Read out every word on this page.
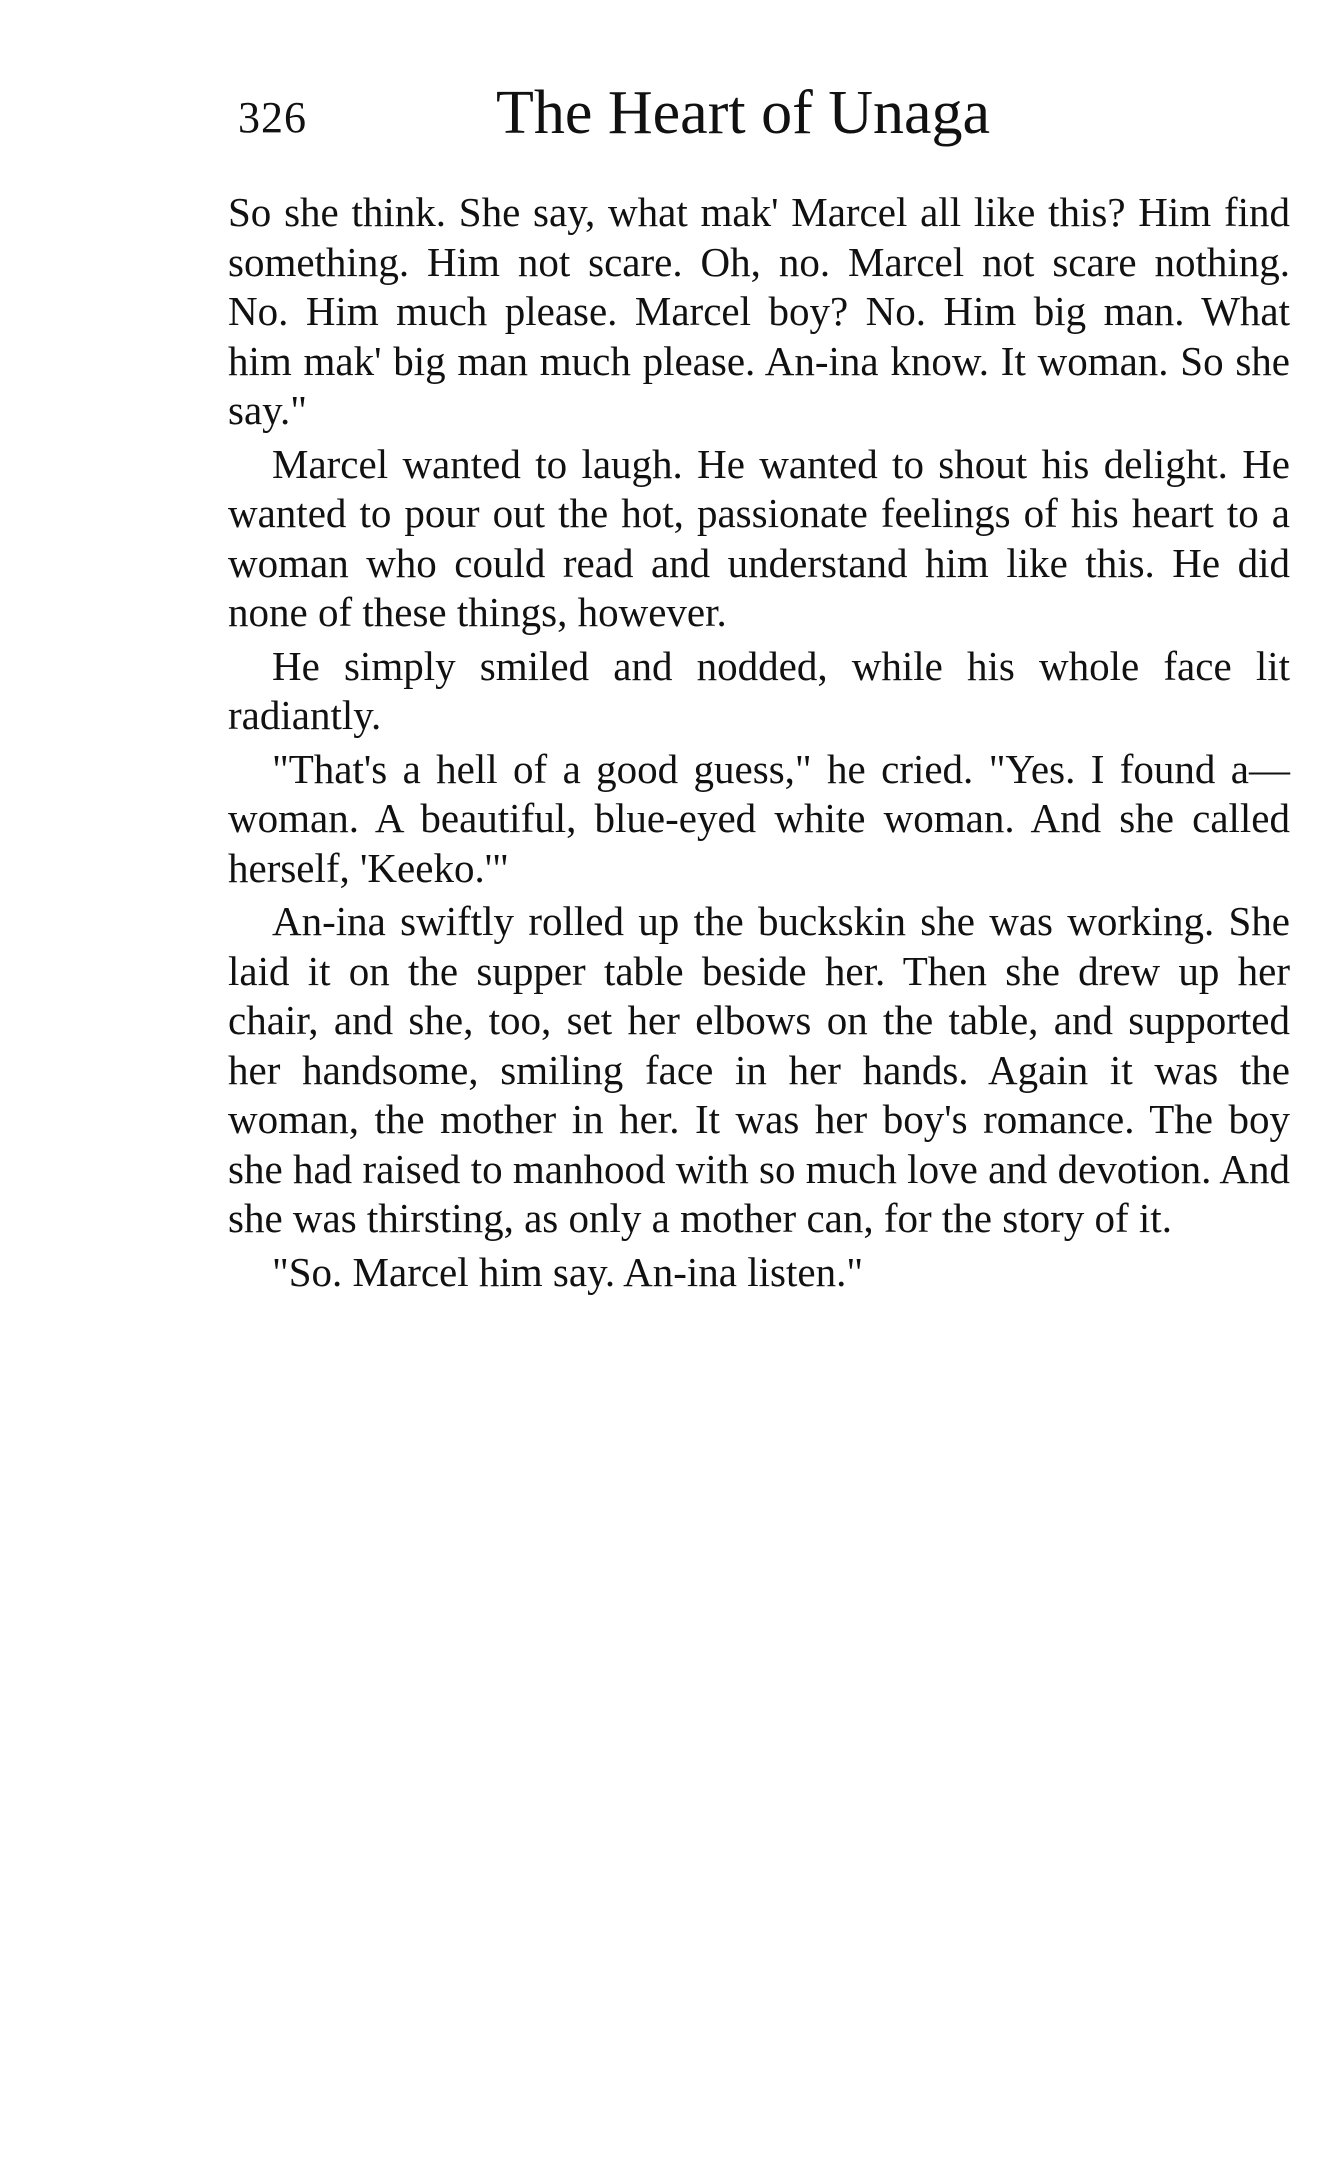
326	The Heart of Unaga

So she think. She say, what mak' Marcel all like this? Him find something. Him not scare. Oh, no. Marcel not scare nothing. No. Him much please. Marcel boy? No. Him big man. What him mak' big man much please. An-ina know. It woman. So she say."

Marcel wanted to laugh. He wanted to shout his delight. He wanted to pour out the hot, passionate feelings of his heart to a woman who could read and understand him like this. He did none of these things, however.

He simply smiled and nodded, while his whole face lit radiantly.

"That's a hell of a good guess," he cried. "Yes. I found a—woman. A beautiful, blue-eyed white woman. And she called herself, 'Keeko.'"

An-ina swiftly rolled up the buckskin she was working. She laid it on the supper table beside her. Then she drew up her chair, and she, too, set her elbows on the table, and supported her handsome, smiling face in her hands. Again it was the woman, the mother in her. It was her boy's romance. The boy she had raised to manhood with so much love and devotion. And she was thirsting, as only a mother can, for the story of it.

"So. Marcel him say. An-ina listen."
